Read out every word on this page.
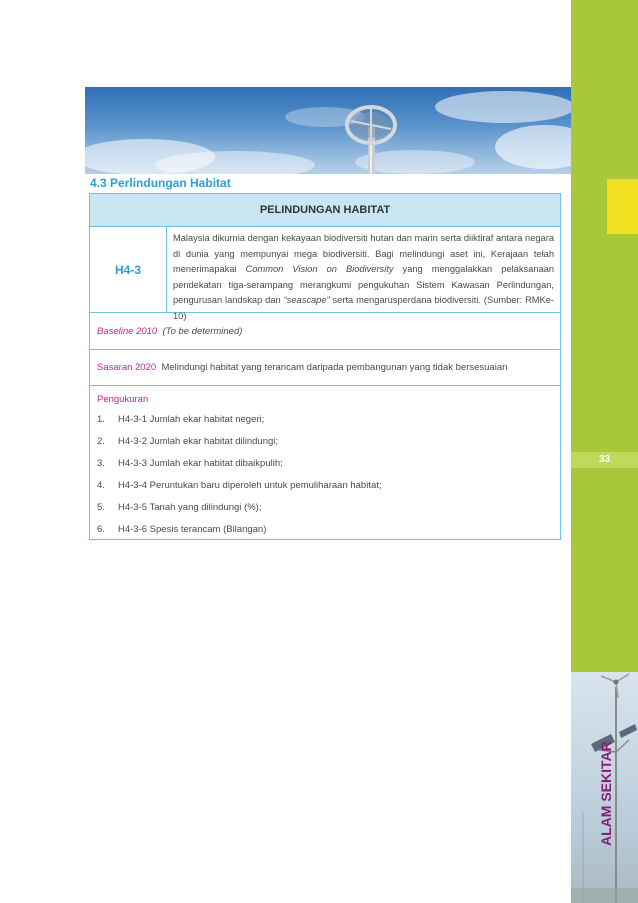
33
ALAM SEKITAR
4.3 Perlindungan Habitat
PELINDUNGAN HABITAT
H4-3
Malaysia dikurnia dengan kekayaan biodiversiti hutan dan marin serta diiktiraf antara negara di dunia yang mempunyai mega biodiversiti. Bagi melindungi aset ini, Kerajaan telah menerimapakai Common Vision on Biodiversity yang menggalakkan pelaksanaan pendekatan tiga-serampang merangkumi pengukuhan Sistem Kawasan Perlindungan, pengurusan landskap dan “seascape” serta mengarusperdana biodiversiti. (Sumber: RMKe-10)
Baseline 2010 (To be determined)
Sasaran 2020 Melindungi habitat yang terancam daripada pembangunan yang tidak bersesuaian
Pengukuran
1. H4-3-1 Jumlah ekar habitat negeri;
2. H4-3-2 Jumlah ekar habitat dilindungi;
3. H4-3-3 Jumlah ekar habitat dibaikpulih;
4. H4-3-4 Peruntukan baru diperoleh untuk pemuliharaan habitat;
5. H4-3-5 Tanah yang dilindungi (%);
6. H4-3-6 Spesis terancam (Bilangan)
